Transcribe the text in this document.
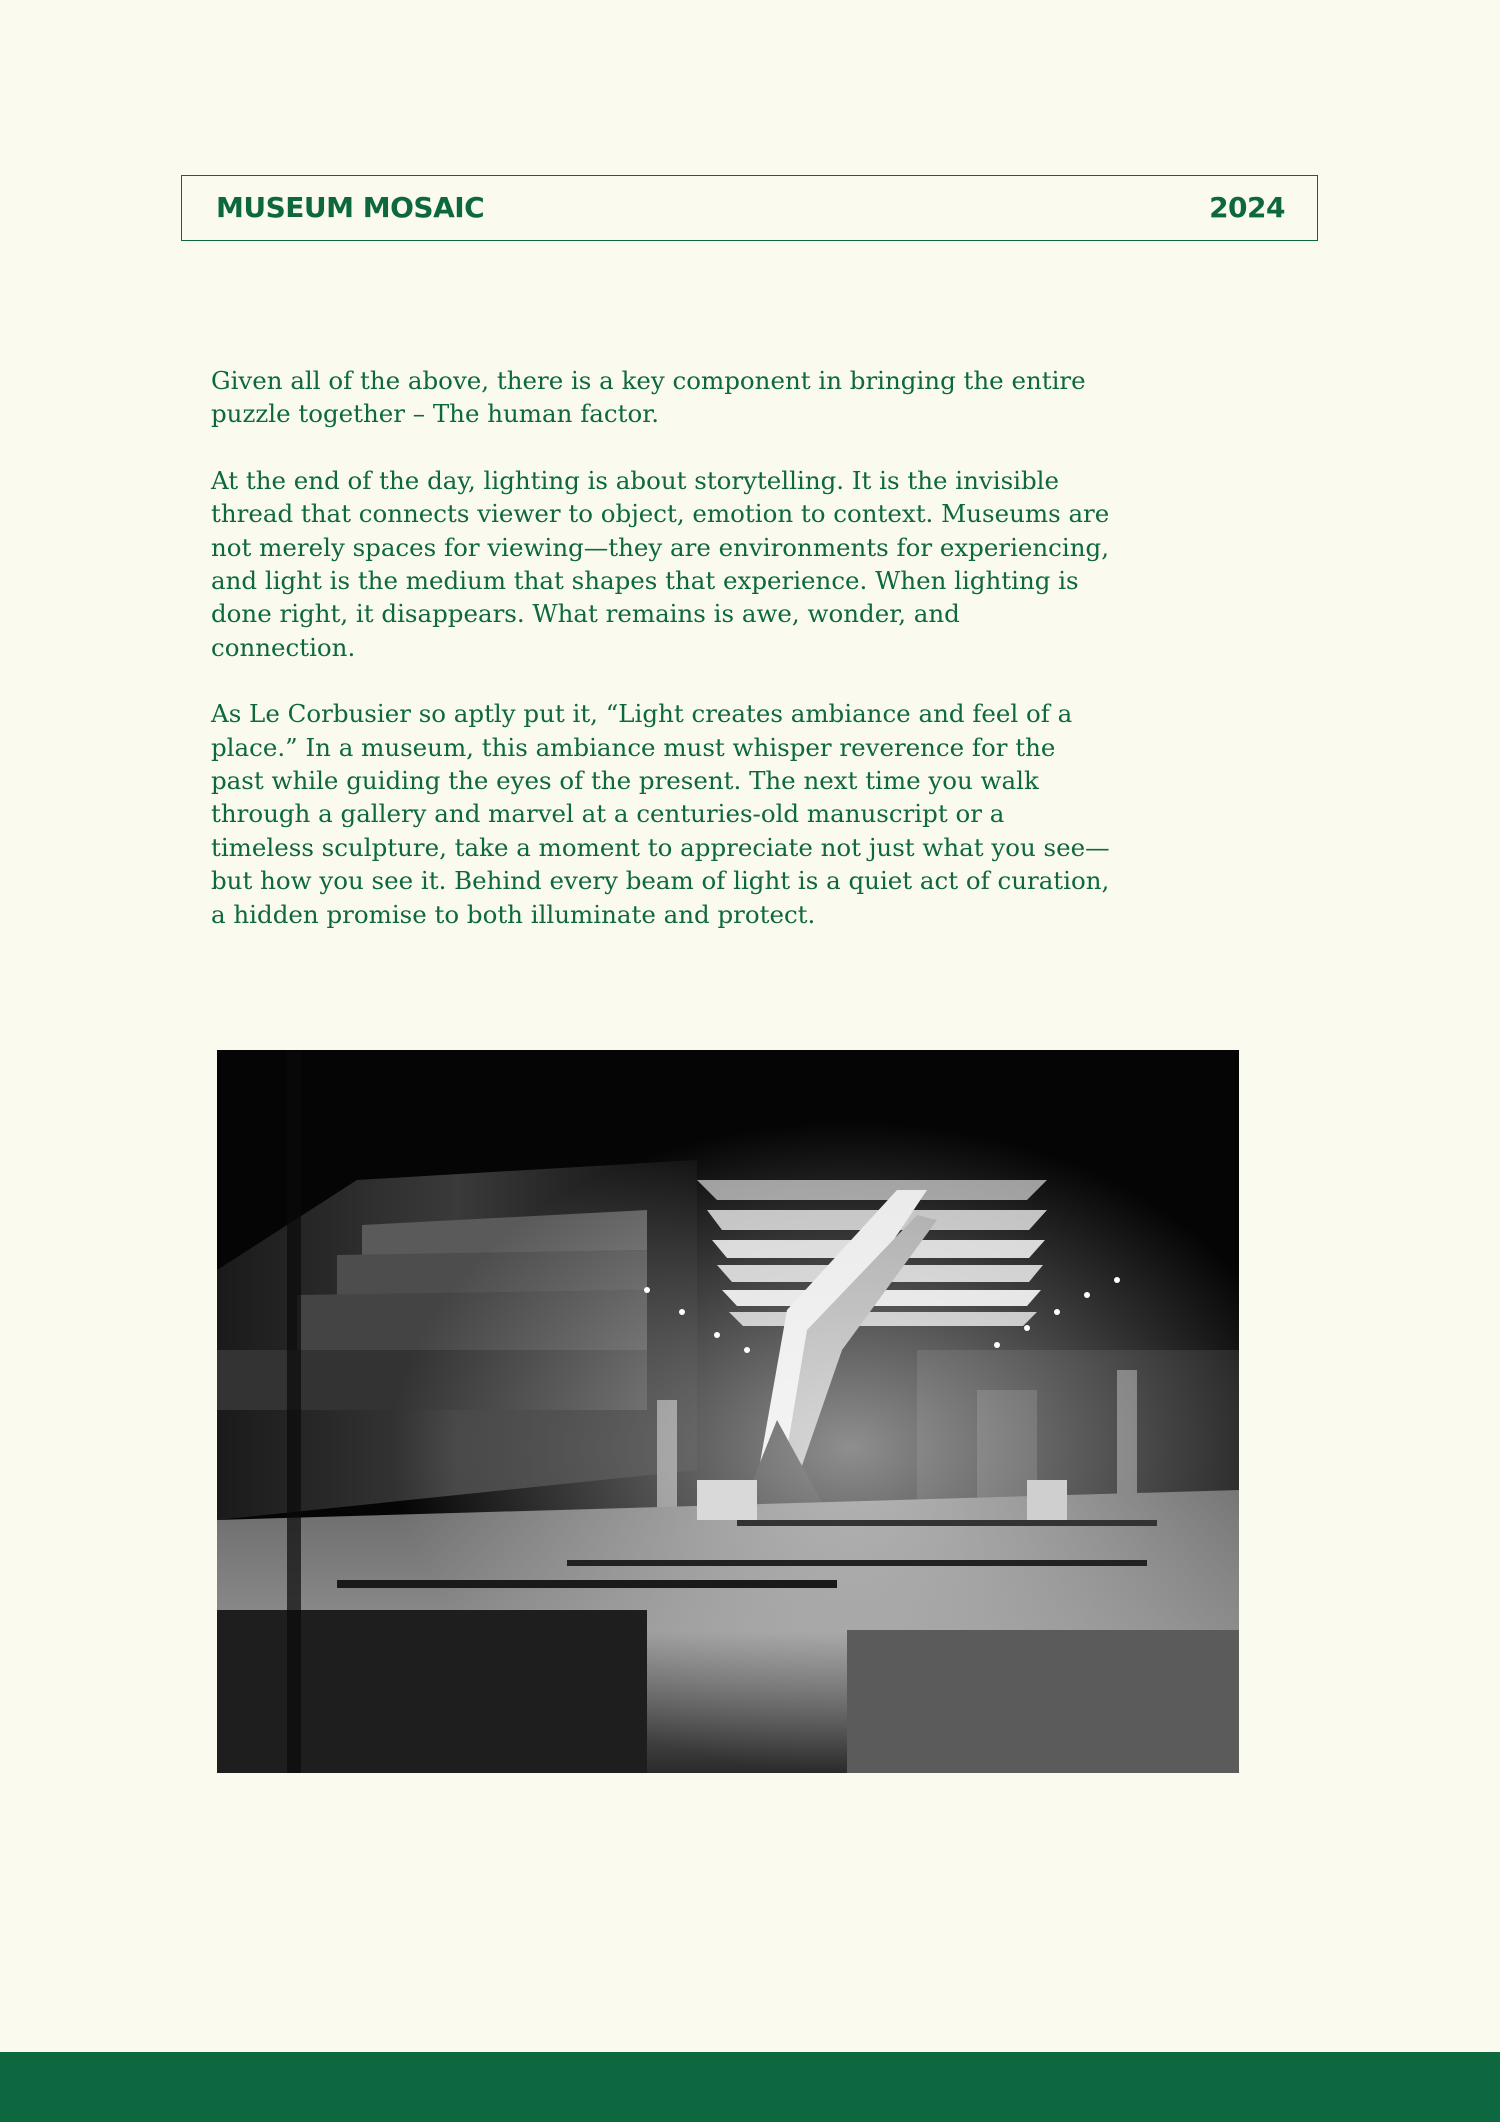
MUSEUM MOSAIC	2024

Given all of the above, there is a key component in bringing the entire puzzle together – The human factor.

At the end of the day, lighting is about storytelling. It is the invisible thread that connects viewer to object, emotion to context. Museums are not merely spaces for viewing—they are environments for experiencing, and light is the medium that shapes that experience. When lighting is done right, it disappears. What remains is awe, wonder, and connection.

As Le Corbusier so aptly put it, “Light creates ambiance and feel of a place.” In a museum, this ambiance must whisper reverence for the past while guiding the eyes of the present. The next time you walk through a gallery and marvel at a centuries-old manuscript or a timeless sculpture, take a moment to appreciate not just what you see—but how you see it. Behind every beam of light is a quiet act of curation, a hidden promise to both illuminate and protect.
